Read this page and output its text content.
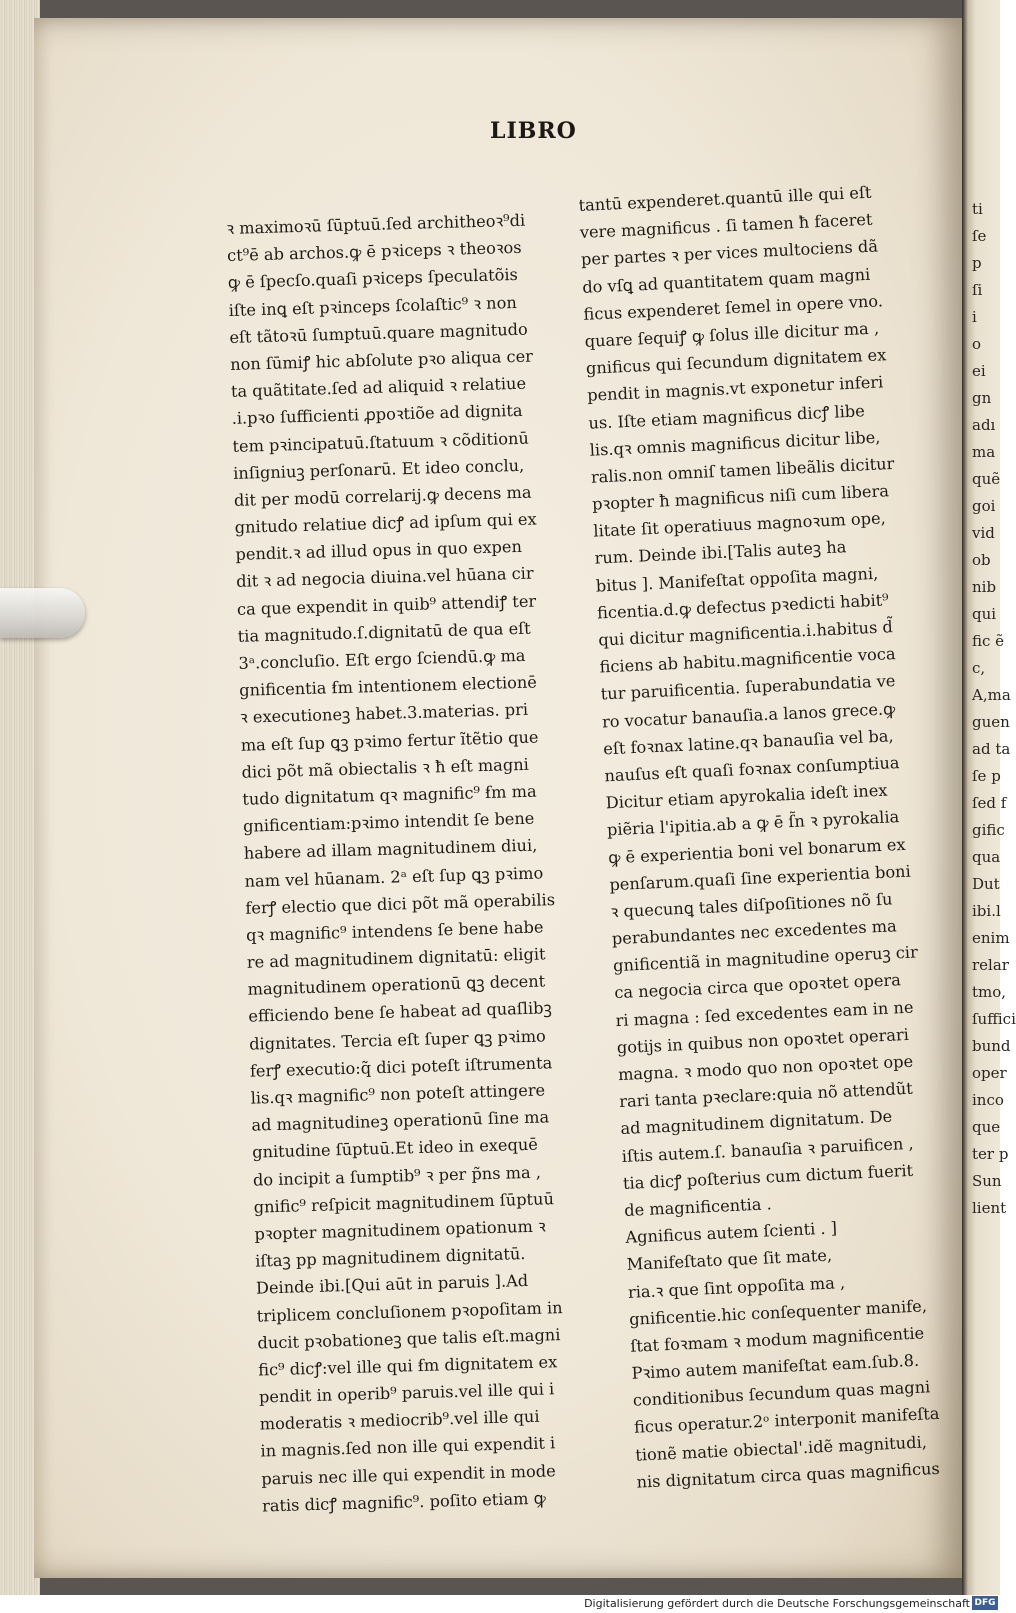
ti
ſe
p
ſi
i
o
ei
gn
adı
ma
quẽ
goi
vid
ob
nib
qui
fic ẽ
c,
A,ma
guen
ad ta
ſe p
ſed f
gific
qua
Dut
ibi.l
enim
relar
tmo,
ſuffici
bund
oper
inco
que
ter p
Sun
lient
LIBRO
ꝛ maximoꝛū ſūptuū.ſed architheoꝛ⁹di
ct⁹ē ab archos.ꝙ ē pꝛiceps ꝛ theoꝛos
ꝙ ē ſpecſo.quaſi pꝛiceps ſpeculatõis
iſte inꝗ eſt pꝛinceps ſcolaſtic⁹ ꝛ non
eſt tãtoꝛū ſumptuū.quare magnitudo
non ſūmiꝭ hic abſolute pꝛo aliqua cer
ta quãtitate.ſed ad aliquid ꝛ relatiue
.i.pꝛo ſufficienti ꝓpoꝛtiõe ad dignita
tem pꝛincipatuū.ſtatuum ꝛ cõditionū
inſigniuꝫ perſonarū. Et ideo conclu,
dit per modū correlarij.ꝙ decens ma
gnitudo relatiue dicꝭ ad ipſum qui ex
pendit.ꝛ ad illud opus in quo expen
dit ꝛ ad negocia diuina.vel hūana cir
ca que expendit in quib⁹ attendiꝭ ter
tia magnitudo.ſ.dignitatū de qua eſt
3ᵃ.concluſio. Eſt ergo ſciendū.ꝙ ma
gnificentia ẜm intentionem electionē
ꝛ executioneꝫ habet.3.materias. pri
ma eſt ſup ꝗꝫ pꝛimo fertur ĩtẽtio que
dici põt mã obiectalis ꝛ ħ eſt magni
tudo dignitatum qꝛ magnific⁹ ẜm ma
gnificentiam:pꝛimo intendit ſe bene
habere ad illam magnitudinem diui,
nam vel hūanam. 2ᵃ eſt ſup ꝗꝫ pꝛimo
ferꝭ electio que dici põt mã operabilis
qꝛ magnific⁹ intendens ſe bene habe
re ad magnitudinem dignitatū: eligit
magnitudinem operationū ꝗꝫ decent
efficiendo bene ſe habeat ad quaſlibꝫ
dignitates. Tercia eſt ſuper ꝗꝫ pꝛimo
ferꝭ executio:q̃ dici poteſt iſtrumenta
lis.qꝛ magnific⁹ non poteſt attingere
ad magnitudineꝫ operationū ſine ma
gnitudine ſūptuū.Et ideo in exequē
do incipit a ſumptib⁹ ꝛ per p̃ns ma ,
gnific⁹ reſpicit magnitudinem ſūptuū
pꝛopter magnitudinem opationum ꝛ
iſtaꝫ pp magnitudinem dignitatū.
Deinde ibi.[Qui aūt in paruis ].Ad
triplicem concluſionem pꝛopoſitam in
ducit pꝛobationeꝫ que talis eſt.magni
fic⁹ dicꝭ:vel ille qui ẜm dignitatem ex
pendit in operib⁹ paruis.vel ille qui i
moderatis ꝛ mediocrib⁹.vel ille qui
in magnis.ſed non ille qui expendit i
paruis nec ille qui expendit in mode
ratis dicꝭ magnific⁹. poſito etiam ꝙ
tantū expenderet.quantū ille qui eſt
vere magnificus . ſi tamen ħ faceret
per partes ꝛ per vices multociens dã
do vſꝗ ad quantitatem quam magni
ficus expenderet ſemel in opere vno.
quare ſequiꝭ ꝙ ſolus ille dicitur ma ,
gnificus qui ſecundum dignitatem ex
pendit in magnis.vt exponetur inferi
us. Iſte etiam magnificus dicꝭ libe
lis.qꝛ omnis magnificus dicitur libe,
ralis.non omniſ tamen libeãlis dicitur
pꝛopter ħ magnificus niſi cum libera
litate ſit operatiuus magnoꝛum ope,
rum. Deinde ibi.[Talis auteꝫ ha
bitus ]. Manifeſtat oppoſita magni,
ficentia.d.ꝙ defectus pꝛedicti habit⁹
qui dicitur magnificentia.i.habitus d̃
ficiens ab habitu.magnificentie voca
tur paruificentia. ſuperabundatia ve
ro vocatur banauſia.a lanos grece.ꝙ
eſt foꝛnax latine.qꝛ banauſia vel ba,
nauſus eſt quaſi foꝛnax conſumptiua
Dicitur etiam apyrokalia ideſt inex
piẽria l'ipitia.ab a ꝙ ē ſ̃n ꝛ pyrokalia
ꝙ ē experientia boni vel bonarum ex
penſarum.quaſi ſine experientia boni
ꝛ quecunꝗ tales diſpoſitiones nõ ſu
perabundantes nec excedentes ma
gnificentiã in magnitudine operuꝫ cir
ca negocia circa que opoꝛtet opera
ri magna : ſed excedentes eam in ne
gotijs in quibus non opoꝛtet operari
magna. ꝛ modo quo non opoꝛtet ope
rari tanta pꝛeclare:quia nõ attendũt
ad magnitudinem dignitatum. De
iſtis autem.ſ. banauſia ꝛ paruificen ,
tia dicꝭ poſterius cum dictum fuerit
de magnificentia .
Agnificus autem ſcienti . ]
Manifeſtato que ſit mate,
ria.ꝛ que ſint oppoſita ma ,
gnificentie.hic conſequenter manife,
ſtat foꝛmam ꝛ modum magnificentie
Pꝛimo autem manifeſtat eam.ſub.8.
conditionibus ſecundum quas magni
ficus operatur.2ᵒ interponit manifeſta
tionẽ matie obiectal'.idẽ magnitudi,
nis dignitatum circa quas magnificus
Digitalisierung gefördert durch die Deutsche Forschungsgemeinschaft DFG
